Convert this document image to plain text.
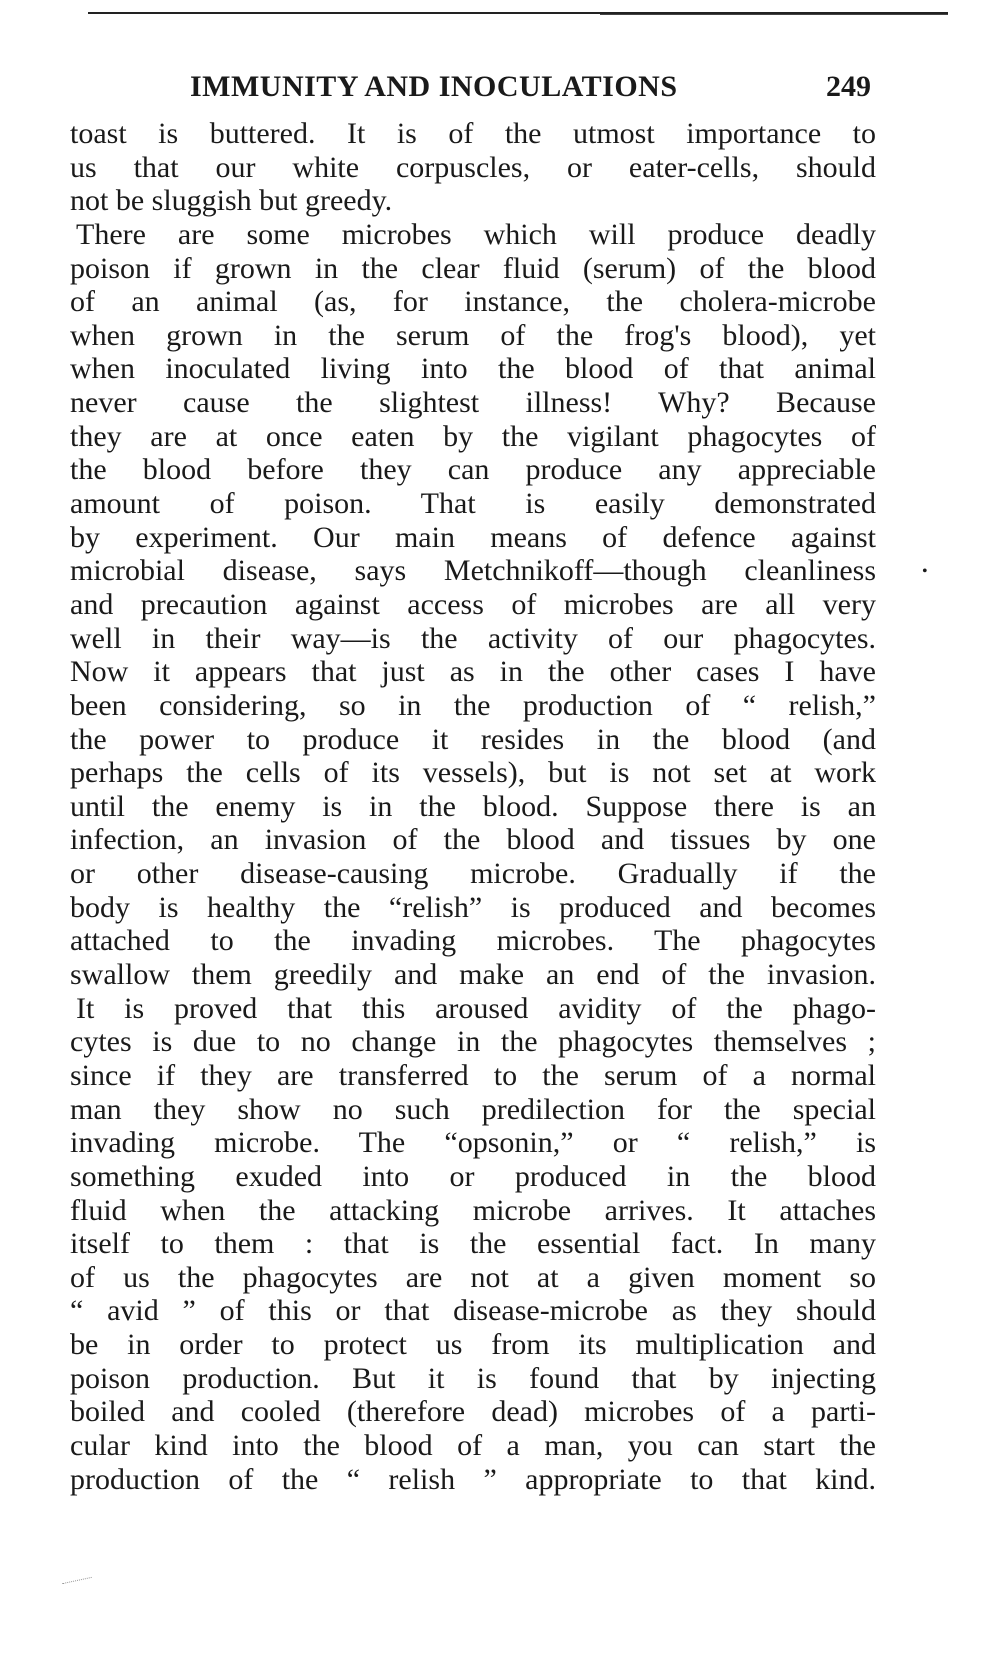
IMMUNITY AND INOCULATIONS	249
toast is buttered. It is of the utmost importance to
us that our white corpuscles, or eater-cells, should
not be sluggish but greedy.
There are some microbes which will produce deadly
poison if grown in the clear fluid (serum) of the blood
of an animal (as, for instance, the cholera-microbe
when grown in the serum of the frog's blood), yet
when inoculated living into the blood of that animal
never cause the slightest illness! Why? Because
they are at once eaten by the vigilant phagocytes of
the blood before they can produce any appreciable
amount of poison. That is easily demonstrated
by experiment. Our main means of defence against
microbial disease, says Metchnikoff—though cleanliness
and precaution against access of microbes are all very
well in their way—is the activity of our phagocytes.
Now it appears that just as in the other cases I have
been considering, so in the production of “ relish,”
the power to produce it resides in the blood (and
perhaps the cells of its vessels), but is not set at work
until the enemy is in the blood. Suppose there is an
infection, an invasion of the blood and tissues by one
or other disease-causing microbe. Gradually if the
body is healthy the “relish” is produced and becomes
attached to the invading microbes. The phagocytes
swallow them greedily and make an end of the invasion.
It is proved that this aroused avidity of the phago-
cytes is due to no change in the phagocytes themselves ;
since if they are transferred to the serum of a normal
man they show no such predilection for the special
invading microbe. The “opsonin,” or “ relish,” is
something exuded into or produced in the blood
fluid when the attacking microbe arrives. It attaches
itself to them : that is the essential fact. In many
of us the phagocytes are not at a given moment so
“ avid ” of this or that disease-microbe as they should
be in order to protect us from its multiplication and
poison production. But it is found that by injecting
boiled and cooled (therefore dead) microbes of a parti-
cular kind into the blood of a man, you can start the
production of the “ relish ” appropriate to that kind.
•
